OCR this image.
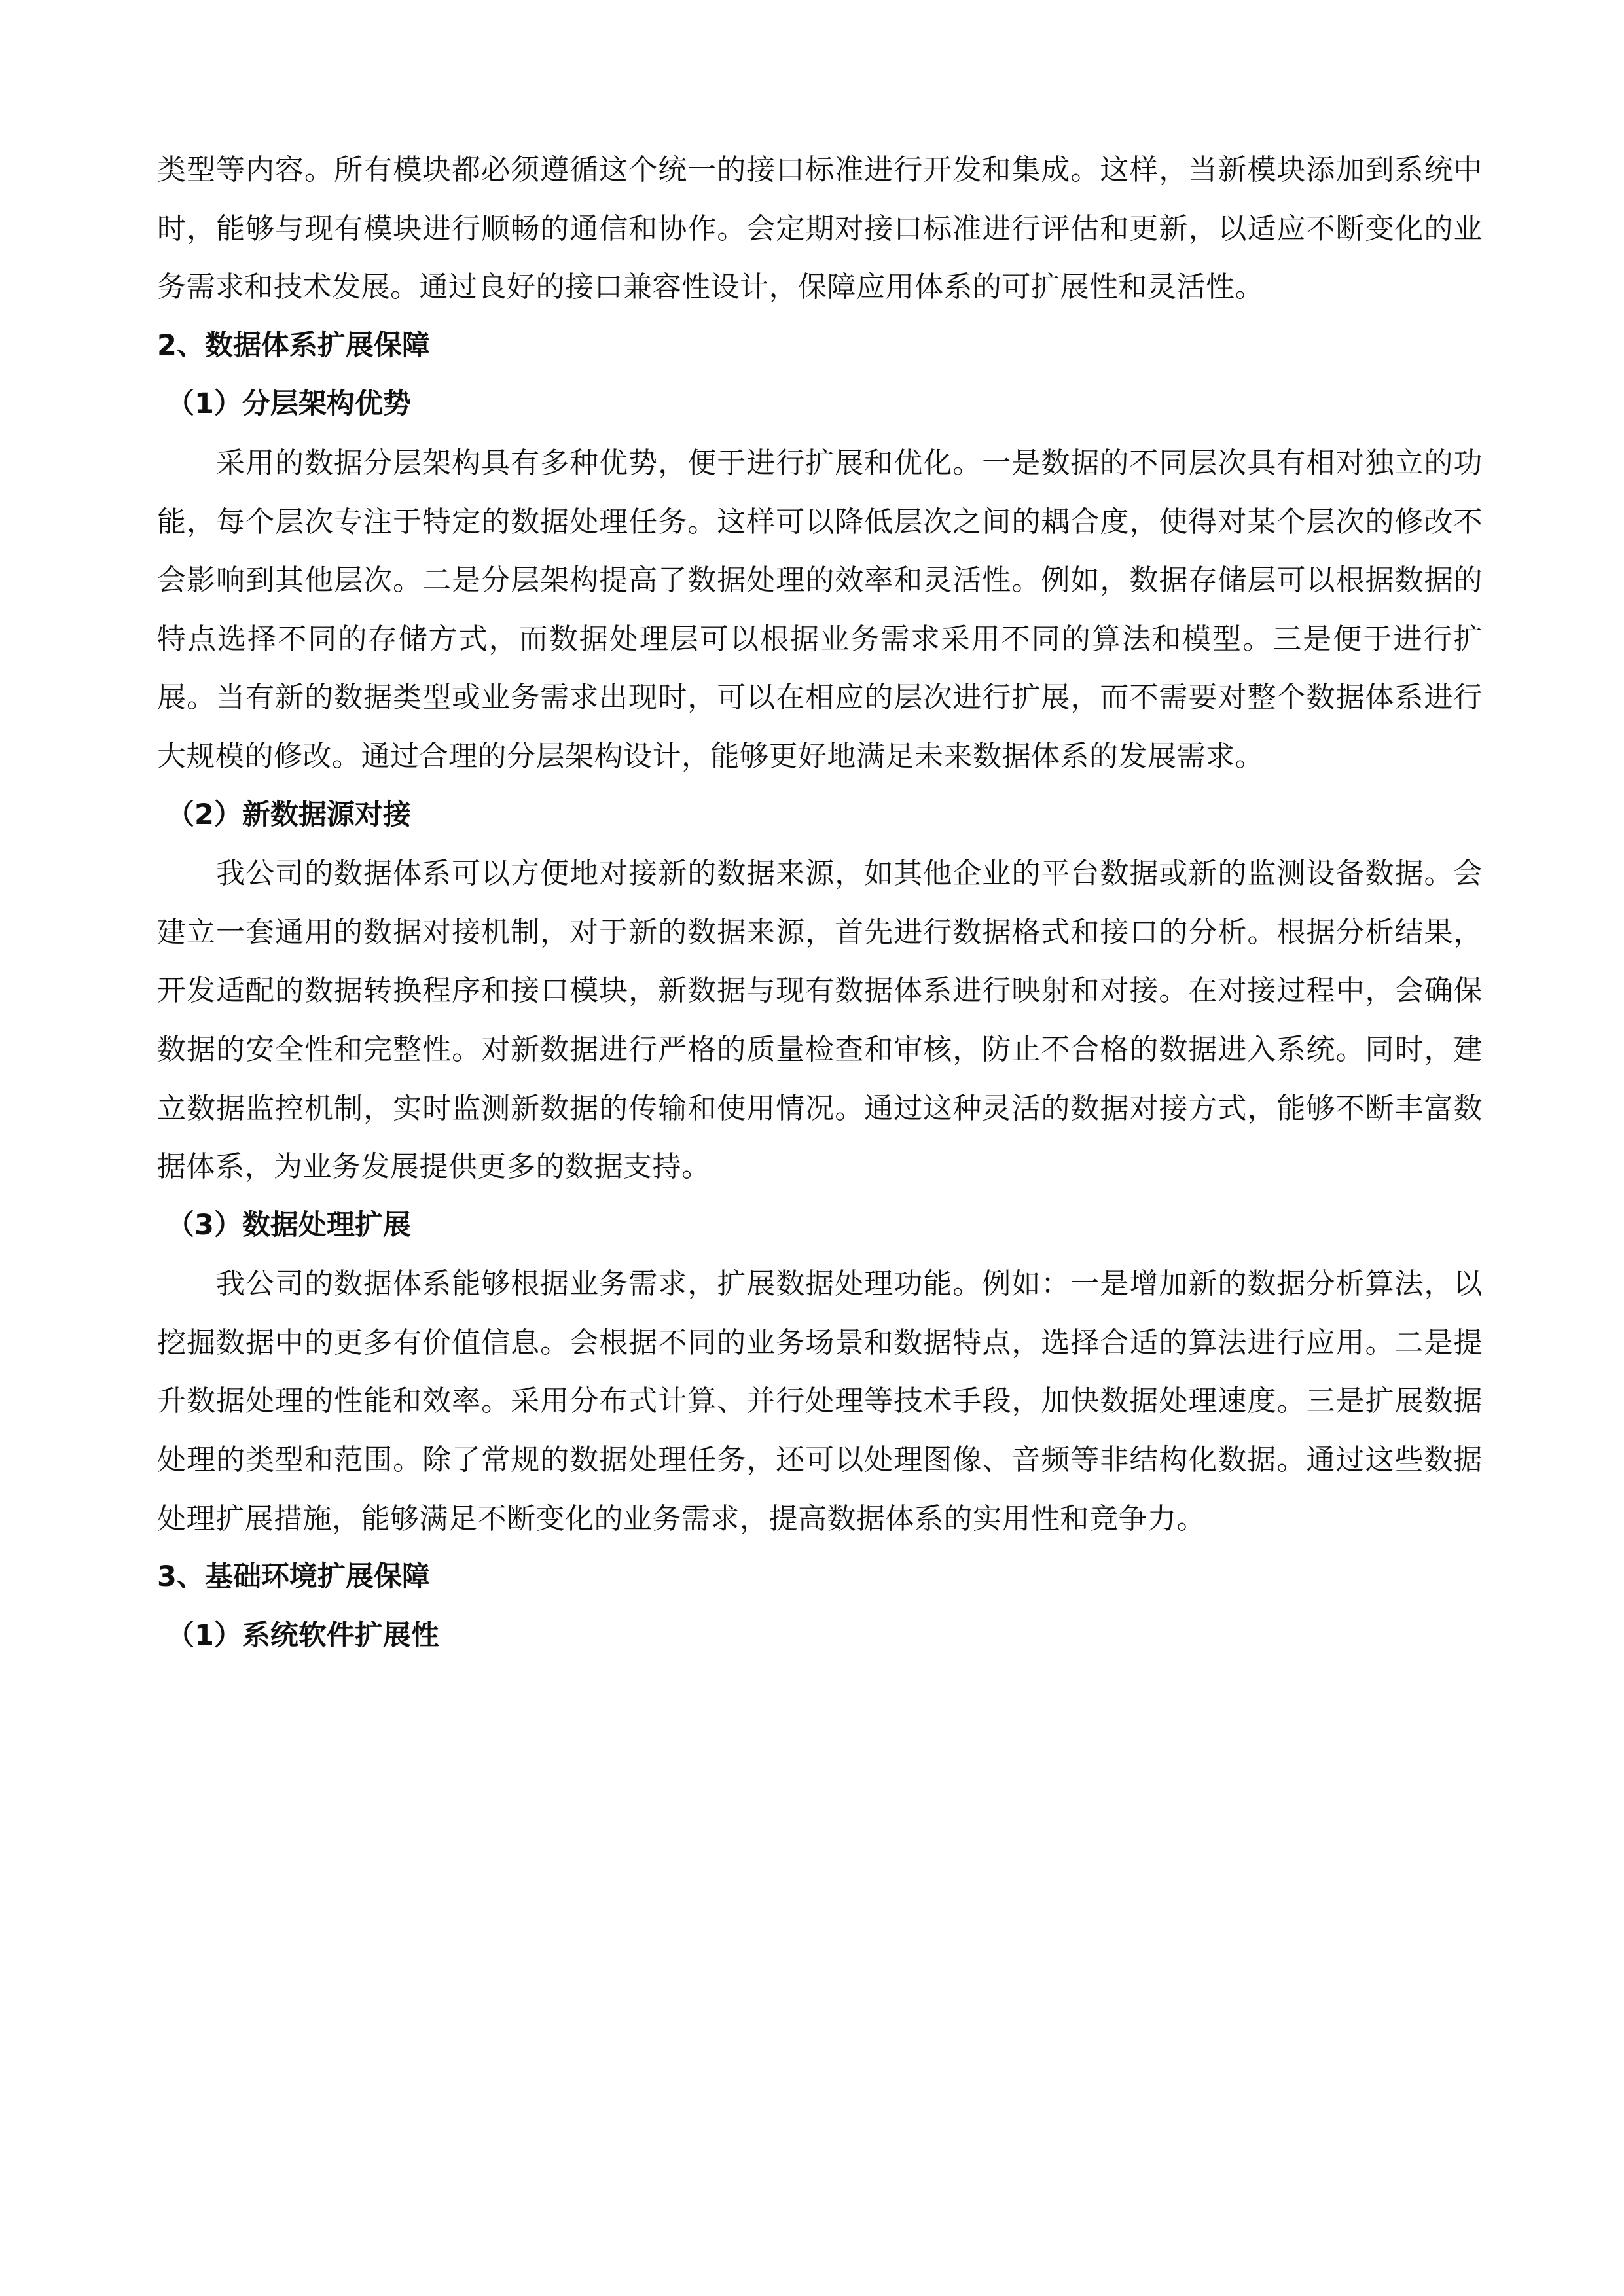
类型等内容。所有模块都必须遵循这个统一的接口标准进行开发和集成。这样，当新模块添加到系统中时，能够与现有模块进行顺畅的通信和协作。会定期对接口标准进行评估和更新，以适应不断变化的业务需求和技术发展。通过良好的接口兼容性设计，保障应用体系的可扩展性和灵活性。

2、数据体系扩展保障

（1）分层架构优势

采用的数据分层架构具有多种优势，便于进行扩展和优化。一是数据的不同层次具有相对独立的功能，每个层次专注于特定的数据处理任务。这样可以降低层次之间的耦合度，使得对某个层次的修改不会影响到其他层次。二是分层架构提高了数据处理的效率和灵活性。例如，数据存储层可以根据数据的特点选择不同的存储方式，而数据处理层可以根据业务需求采用不同的算法和模型。三是便于进行扩展。当有新的数据类型或业务需求出现时，可以在相应的层次进行扩展，而不需要对整个数据体系进行大规模的修改。通过合理的分层架构设计，能够更好地满足未来数据体系的发展需求。

（2）新数据源对接

我公司的数据体系可以方便地对接新的数据来源，如其他企业的平台数据或新的监测设备数据。会建立一套通用的数据对接机制，对于新的数据来源，首先进行数据格式和接口的分析。根据分析结果，开发适配的数据转换程序和接口模块，新数据与现有数据体系进行映射和对接。在对接过程中，会确保数据的安全性和完整性。对新数据进行严格的质量检查和审核，防止不合格的数据进入系统。同时，建立数据监控机制，实时监测新数据的传输和使用情况。通过这种灵活的数据对接方式，能够不断丰富数据体系，为业务发展提供更多的数据支持。

（3）数据处理扩展

我公司的数据体系能够根据业务需求，扩展数据处理功能。例如：一是增加新的数据分析算法，以挖掘数据中的更多有价值信息。会根据不同的业务场景和数据特点，选择合适的算法进行应用。二是提升数据处理的性能和效率。采用分布式计算、并行处理等技术手段，加快数据处理速度。三是扩展数据处理的类型和范围。除了常规的数据处理任务，还可以处理图像、音频等非结构化数据。通过这些数据处理扩展措施，能够满足不断变化的业务需求，提高数据体系的实用性和竞争力。

3、基础环境扩展保障

（1）系统软件扩展性
